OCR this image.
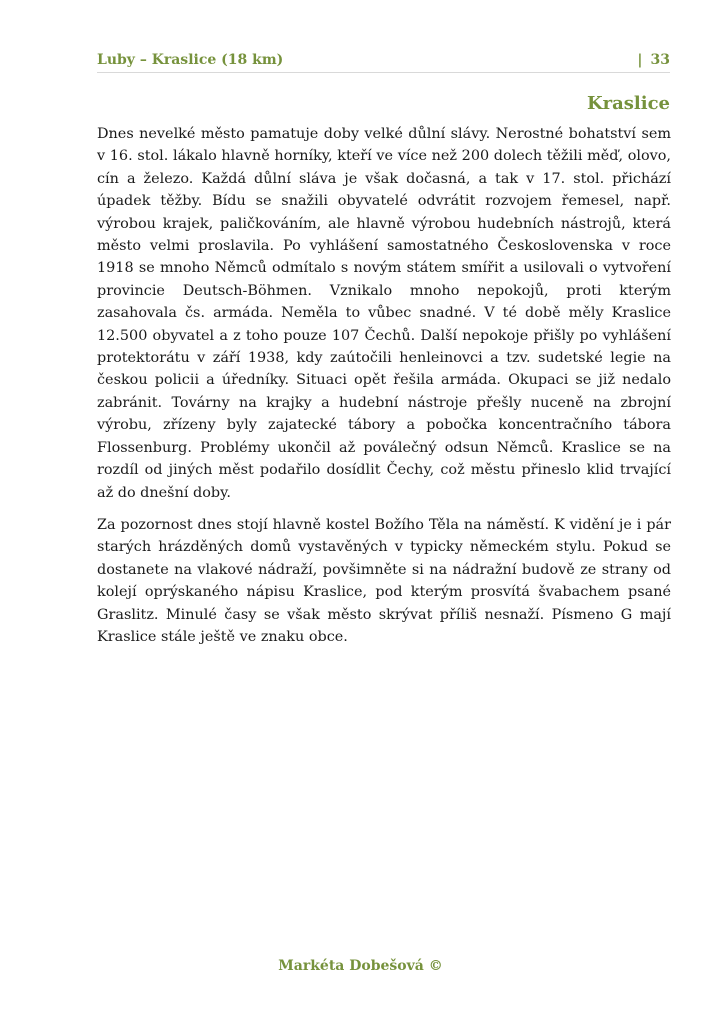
Luby – Kraslice (18 km)	| 33
Kraslice

Dnes nevelké město pamatuje doby velké důlní slávy. Nerostné bohatství sem v 16. stol. lákalo hlavně horníky, kteří ve více než 200 dolech těžili měď, olovo, cín a železo. Každá důlní sláva je však dočasná, a tak v 17. stol. přichází úpadek těžby. Bídu se snažili obyvatelé odvrátit rozvojem řemesel, např. výrobou krajek, paličkováním, ale hlavně výrobou hudebních nástrojů, která město velmi proslavila. Po vyhlášení samostatného Československa v roce 1918 se mnoho Němců odmítalo s novým státem smířit a usilovali o vytvoření provincie Deutsch-Böhmen. Vznikalo mnoho nepokojů, proti kterým zasahovala čs. armáda. Neměla to vůbec snadné. V té době měly Kraslice 12.500 obyvatel a z toho pouze 107 Čechů. Další nepokoje přišly po vyhlášení protektorátu v září 1938, kdy zaútočili henleinovci a tzv. sudetské legie na českou policii a úředníky. Situaci opět řešila armáda. Okupaci se již nedalo zabránit. Továrny na krajky a hudební nástroje přešly nuceně na zbrojní výrobu, zřízeny byly zajatecké tábory a pobočka koncentračního tábora Flossenburg. Problémy ukončil až poválečný odsun Němců. Kraslice se na rozdíl od jiných měst podařilo dosídlit Čechy, což městu přineslo klid trvající až do dnešní doby.

Za pozornost dnes stojí hlavně kostel Božího Těla na náměstí. K vidění je i pár starých hrázděných domů vystavěných v typicky německém stylu. Pokud se dostanete na vlakové nádraží, povšimněte si na nádražní budově ze strany od kolejí oprýskaného nápisu Kraslice, pod kterým prosvítá švabachem psané Graslitz. Minulé časy se však město skrývat příliš nesnaží. Písmeno G mají Kraslice stále ještě ve znaku obce.

Markéta Dobešová ©
